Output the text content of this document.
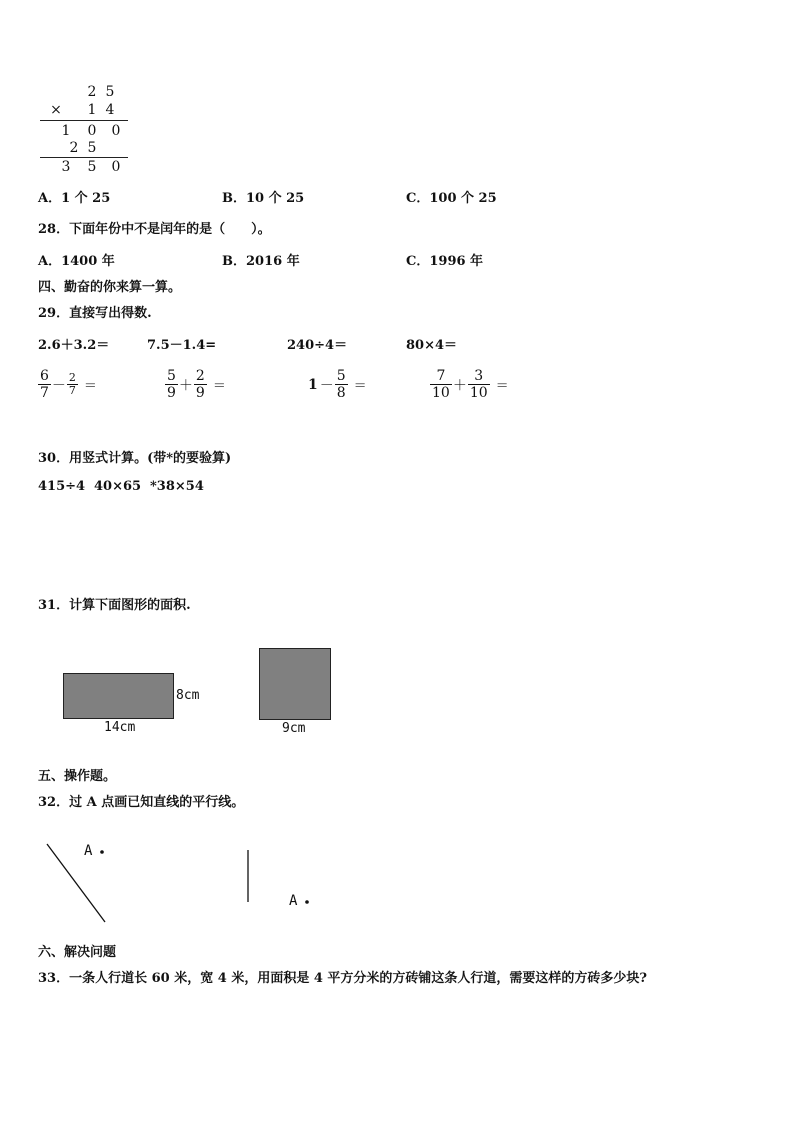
2 5
× 1 4
1 0 0
2 5
3 5 0
A．1 个 25	B．10 个 25	C．100 个 25
28．下面年份中不是闰年的是（　　）。
A．1400 年	B．2016 年	C．1996 年
四、勤奋的你来算一算。
29．直接写出得数.
2.6＋3.2＝	7.5－1.4=	240÷4＝	80×4＝
$\frac{6}{7} - \frac{2}{7}$ ＝	$\frac{5}{9} + \frac{2}{9}$ ＝	$1 - \frac{5}{8}$ ＝	$\frac{7}{10} + \frac{3}{10}$ ＝
30．用竖式计算。(带*的要验算)
415÷4 40×65 *38×54
31．计算下面图形的面积.
8cm
14cm	9cm
五、操作题。
32．过 A 点画已知直线的平行线。
A
A
六、解决问题
33．一条人行道长 60 米，宽 4 米，用面积是 4 平方分米的方砖铺这条人行道，需要这样的方砖多少块?
